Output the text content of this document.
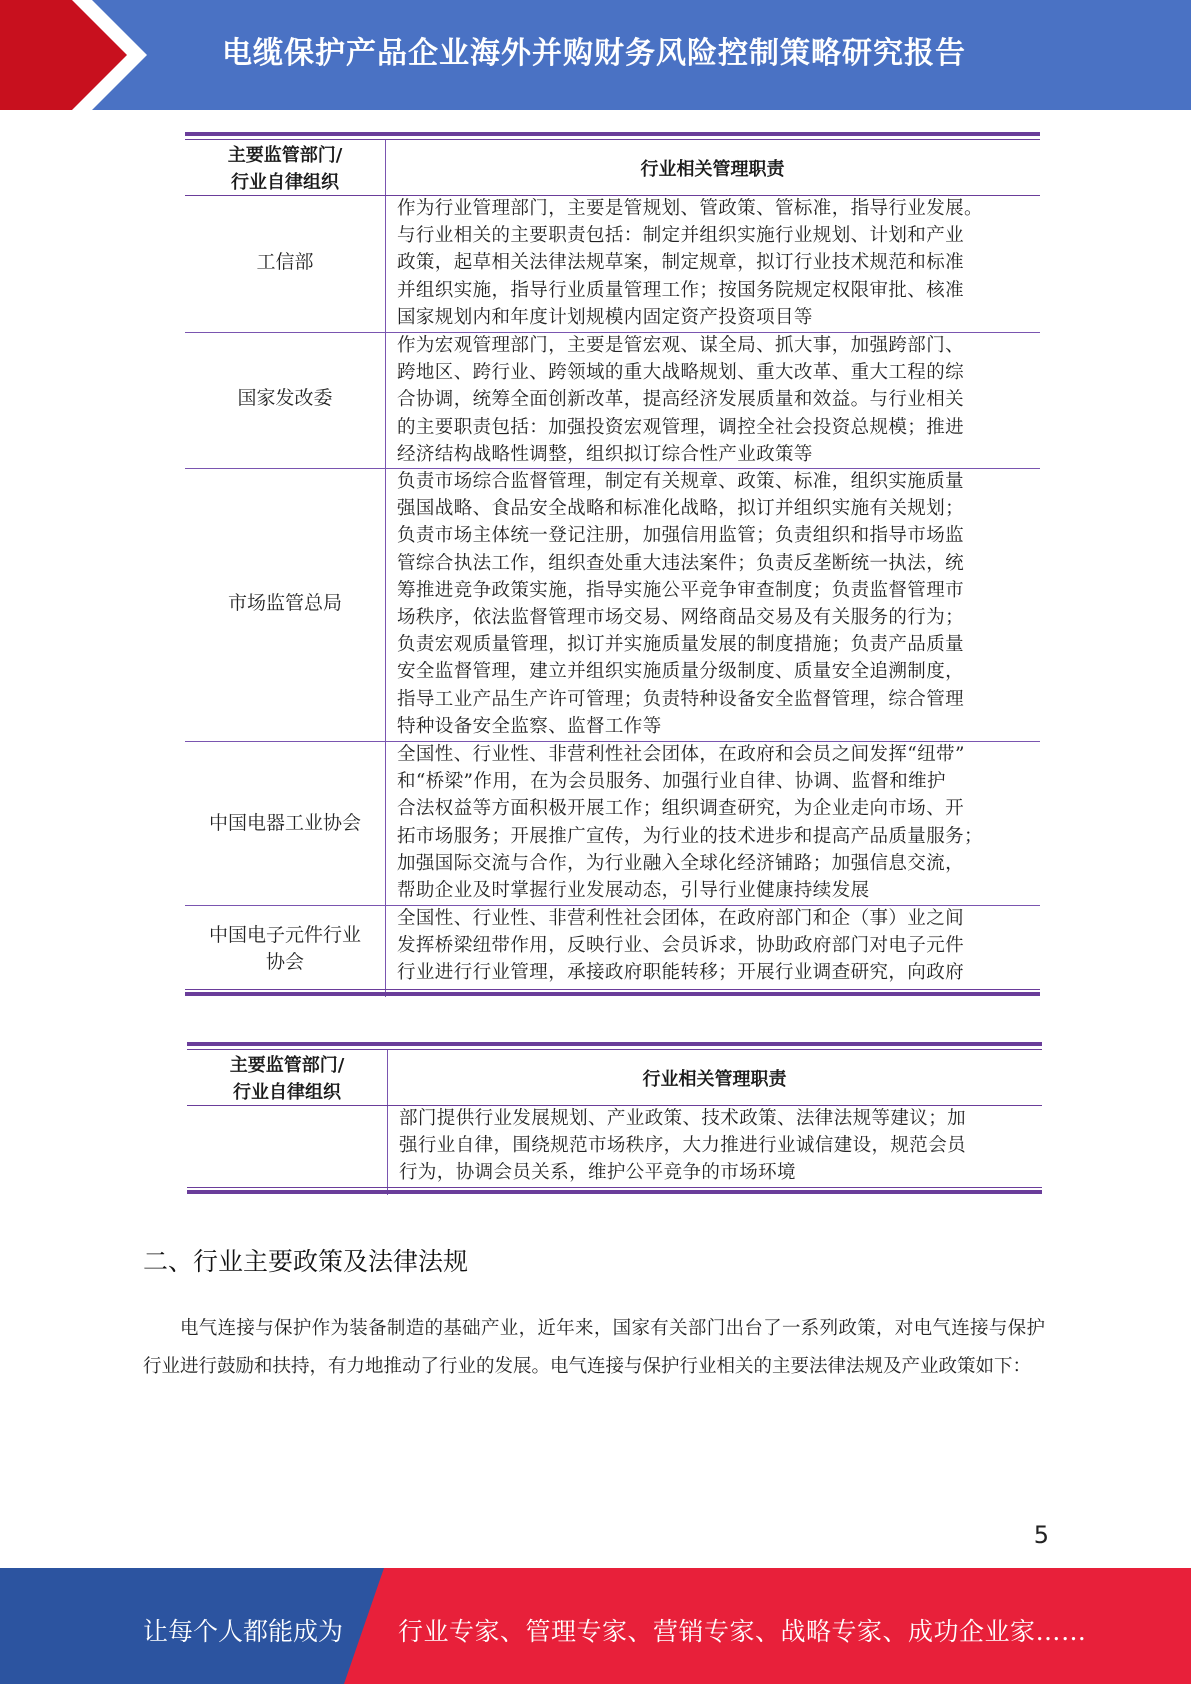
电缆保护产品企业海外并购财务风险控制策略研究报告
主要监管部门/
行业自律组织
行业相关管理职责
工信部
作为行业管理部门，主要是管规划、管政策、管标准，指导行业发展。
与行业相关的主要职责包括：制定并组织实施行业规划、计划和产业
政策，起草相关法律法规草案，制定规章，拟订行业技术规范和标准
并组织实施，指导行业质量管理工作；按国务院规定权限审批、核准
国家规划内和年度计划规模内固定资产投资项目等
国家发改委
作为宏观管理部门，主要是管宏观、谋全局、抓大事，加强跨部门、
跨地区、跨行业、跨领域的重大战略规划、重大改革、重大工程的综
合协调，统筹全面创新改革，提高经济发展质量和效益。与行业相关
的主要职责包括：加强投资宏观管理，调控全社会投资总规模；推进
经济结构战略性调整，组织拟订综合性产业政策等
市场监管总局
负责市场综合监督管理，制定有关规章、政策、标准，组织实施质量
强国战略、食品安全战略和标准化战略，拟订并组织实施有关规划；
负责市场主体统一登记注册，加强信用监管；负责组织和指导市场监
管综合执法工作，组织查处重大违法案件；负责反垄断统一执法，统
筹推进竞争政策实施，指导实施公平竞争审查制度；负责监督管理市
场秩序，依法监督管理市场交易、网络商品交易及有关服务的行为；
负责宏观质量管理，拟订并实施质量发展的制度措施；负责产品质量
安全监督管理，建立并组织实施质量分级制度、质量安全追溯制度，
指导工业产品生产许可管理；负责特种设备安全监督管理，综合管理
特种设备安全监察、监督工作等
中国电器工业协会
全国性、行业性、非营利性社会团体，在政府和会员之间发挥“纽带”
和“桥梁”作用，在为会员服务、加强行业自律、协调、监督和维护
合法权益等方面积极开展工作；组织调查研究，为企业走向市场、开
拓市场服务；开展推广宣传，为行业的技术进步和提高产品质量服务；
加强国际交流与合作，为行业融入全球化经济铺路；加强信息交流，
帮助企业及时掌握行业发展动态，引导行业健康持续发展
中国电子元件行业
协会
全国性、行业性、非营利性社会团体，在政府部门和企（事）业之间
发挥桥梁纽带作用，反映行业、会员诉求，协助政府部门对电子元件
行业进行行业管理，承接政府职能转移；开展行业调查研究，向政府
主要监管部门/
行业自律组织
行业相关管理职责
部门提供行业发展规划、产业政策、技术政策、法律法规等建议；加
强行业自律，围绕规范市场秩序，大力推进行业诚信建设，规范会员
行为，协调会员关系，维护公平竞争的市场环境
二、行业主要政策及法律法规
电气连接与保护作为装备制造的基础产业，近年来，国家有关部门出台了一系列政策，对电气连接与保护行业进行鼓励和扶持，有力地推动了行业的发展。电气连接与保护行业相关的主要法律法规及产业政策如下：
5
让每个人都能成为 行业专家、管理专家、营销专家、战略专家、成功企业家……
